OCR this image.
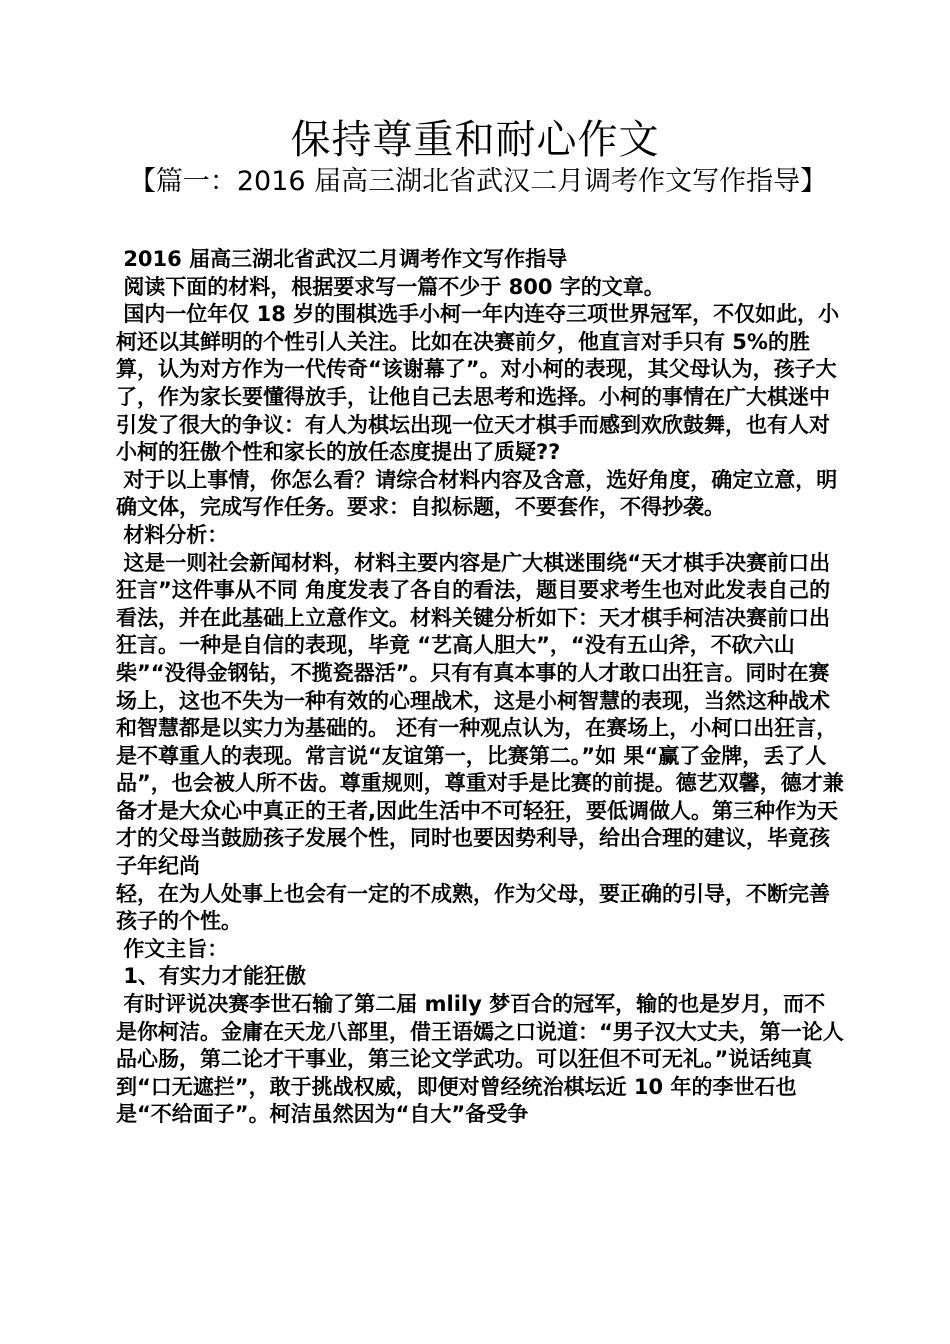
保持尊重和耐心作文
【篇一：2016 届高三湖北省武汉二月调考作文写作指导】

2016 届高三湖北省武汉二月调考作文写作指导

阅读下面的材料，根据要求写一篇不少于 800 字的文章。

国内一位年仅 18 岁的围棋选手小柯一年内连夺三项世界冠军，不仅如此，小柯还以其鲜明的个性引人关注。比如在决赛前夕，他直言对手只有 5%的胜算，认为对方作为一代传奇“该谢幕了”。对小柯的表现，其父母认为，孩子大了，作为家长要懂得放手，让他自己去思考和选择。小柯的事情在广大棋迷中引发了很大的争议：有人为棋坛出现一位天才棋手而感到欢欣鼓舞，也有人对小柯的狂傲个性和家长的放任态度提出了质疑??

对于以上事情，你怎么看？请综合材料内容及含意，选好角度，确定立意，明确文体，完成写作任务。要求：自拟标题，不要套作，不得抄袭。

材料分析：

这是一则社会新闻材料，材料主要内容是广大棋迷围绕“天才棋手决赛前口出狂言”这件事从不同 角度发表了各自的看法，题目要求考生也对此发表自己的看法，并在此基础上立意作文。材料关键分析如下：天才棋手柯洁决赛前口出狂言。一种是自信的表现，毕竟 “艺高人胆大”，“没有五山斧，不砍六山柴”“没得金钢钻，不揽瓷器活”。只有有真本事的人才敢口出狂言。同时在赛场上，这也不失为一种有效的心理战术，这是小柯智慧的表现，当然这种战术和智慧都是以实力为基础的。 还有一种观点认为，在赛场上，小柯口出狂言，是不尊重人的表现。常言说“友谊第一，比赛第二。”如 果“赢了金牌，丢了人品”，也会被人所不齿。尊重规则，尊重对手是比赛的前提。德艺双馨，德才兼备才是大众心中真正的王者,因此生活中不可轻狂，要低调做人。第三种作为天才的父母当鼓励孩子发展个性，同时也要因势利导，给出合理的建议，毕竟孩子年纪尚

轻，在为人处事上也会有一定的不成熟，作为父母，要正确的引导，不断完善孩子的个性。

作文主旨：

1、有实力才能狂傲

有时评说决赛李世石输了第二届 mlily 梦百合的冠军，输的也是岁月，而不是你柯洁。金庸在天龙八部里，借王语嫣之口说道：“男子汉大丈夫，第一论人品心肠，第二论才干事业，第三论文学武功。可以狂但不可无礼。”说话纯真到“口无遮拦”，敢于挑战权威，即便对曾经统治棋坛近 10 年的李世石也是“不给面子”。柯洁虽然因为“自大”备受争
